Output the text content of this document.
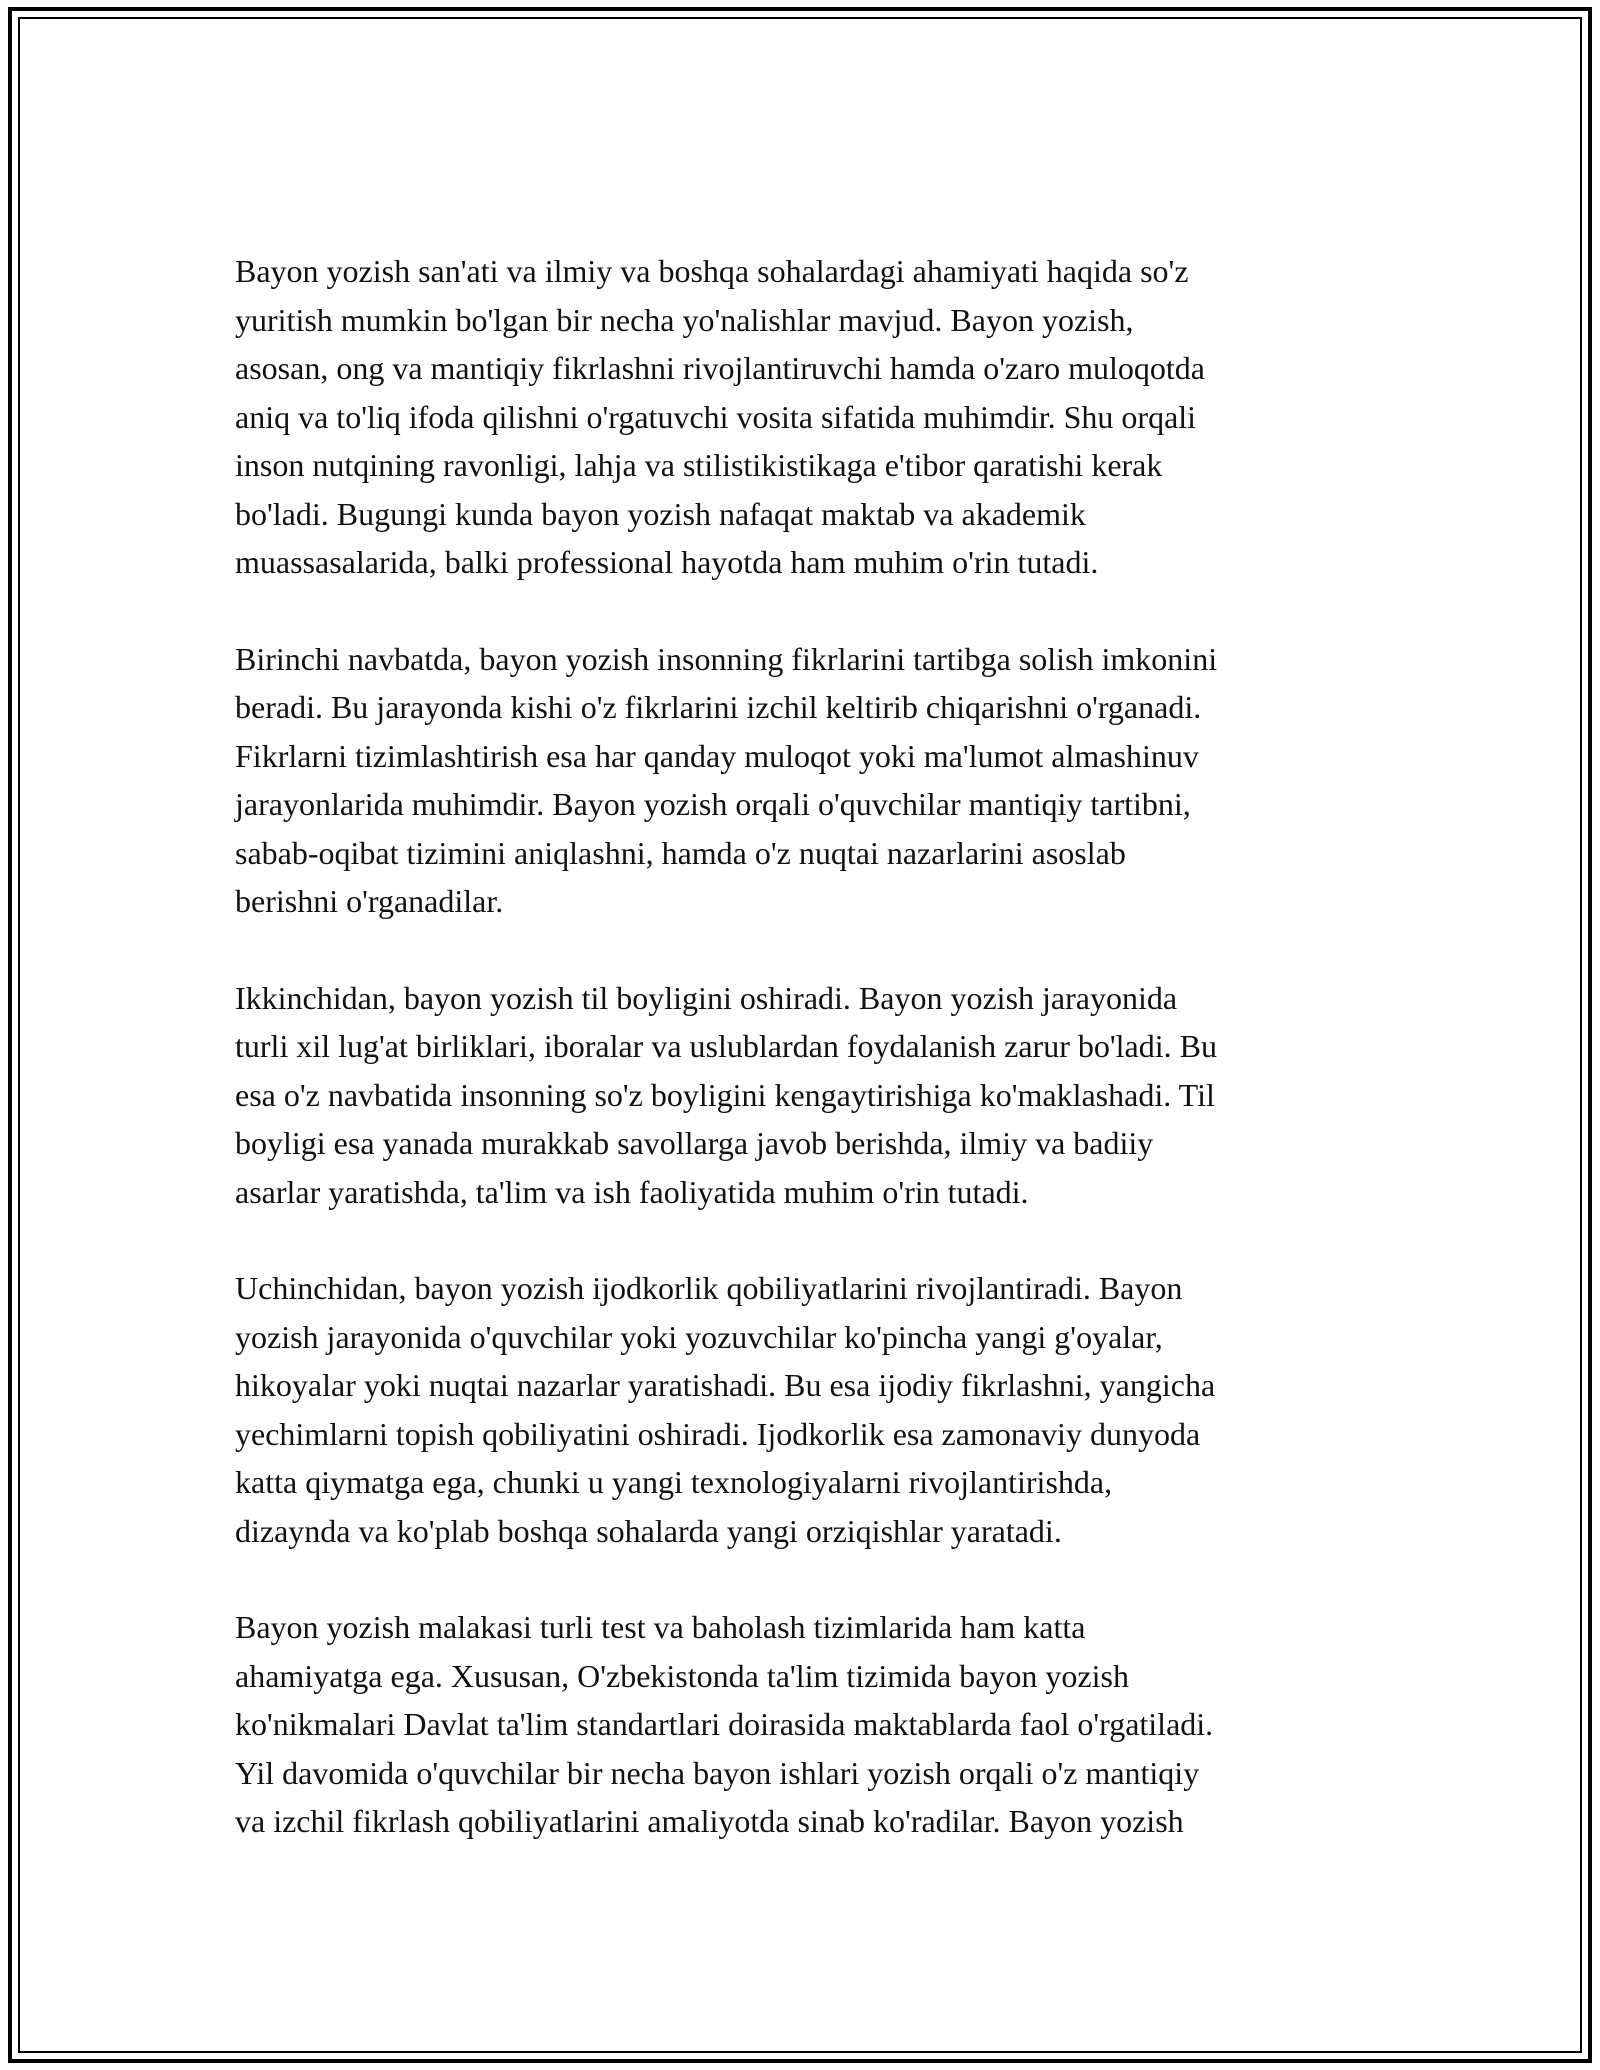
Bayon yozish san'ati va ilmiy va boshqa sohalardagi ahamiyati haqida so'z
yuritish mumkin bo'lgan bir necha yo'nalishlar mavjud. Bayon yozish,
asosan, ong va mantiqiy fikrlashni rivojlantiruvchi hamda o'zaro muloqotda
aniq va to'liq ifoda qilishni o'rgatuvchi vosita sifatida muhimdir. Shu orqali
inson nutqining ravonligi, lahja va stilistikistikaga e'tibor qaratishi kerak
bo'ladi. Bugungi kunda bayon yozish nafaqat maktab va akademik
muassasalarida, balki professional hayotda ham muhim o'rin tutadi.

Birinchi navbatda, bayon yozish insonning fikrlarini tartibga solish imkonini
beradi. Bu jarayonda kishi o'z fikrlarini izchil keltirib chiqarishni o'rganadi.
Fikrlarni tizimlashtirish esa har qanday muloqot yoki ma'lumot almashinuv
jarayonlarida muhimdir. Bayon yozish orqali o'quvchilar mantiqiy tartibni,
sabab-oqibat tizimini aniqlashni, hamda o'z nuqtai nazarlarini asoslab
berishni o'rganadilar.

Ikkinchidan, bayon yozish til boyligini oshiradi. Bayon yozish jarayonida
turli xil lug'at birliklari, iboralar va uslublardan foydalanish zarur bo'ladi. Bu
esa o'z navbatida insonning so'z boyligini kengaytirishiga ko'maklashadi. Til
boyligi esa yanada murakkab savollarga javob berishda, ilmiy va badiiy
asarlar yaratishda, ta'lim va ish faoliyatida muhim o'rin tutadi.

Uchinchidan, bayon yozish ijodkorlik qobiliyatlarini rivojlantiradi. Bayon
yozish jarayonida o'quvchilar yoki yozuvchilar ko'pincha yangi g'oyalar,
hikoyalar yoki nuqtai nazarlar yaratishadi. Bu esa ijodiy fikrlashni, yangicha
yechimlarni topish qobiliyatini oshiradi. Ijodkorlik esa zamonaviy dunyoda
katta qiymatga ega, chunki u yangi texnologiyalarni rivojlantirishda,
dizaynda va ko'plab boshqa sohalarda yangi orziqishlar yaratadi.

Bayon yozish malakasi turli test va baholash tizimlarida ham katta
ahamiyatga ega. Xususan, O'zbekistonda ta'lim tizimida bayon yozish
ko'nikmalari Davlat ta'lim standartlari doirasida maktablarda faol o'rgatiladi.
Yil davomida o'quvchilar bir necha bayon ishlari yozish orqali o'z mantiqiy
va izchil fikrlash qobiliyatlarini amaliyotda sinab ko'radilar. Bayon yozish
